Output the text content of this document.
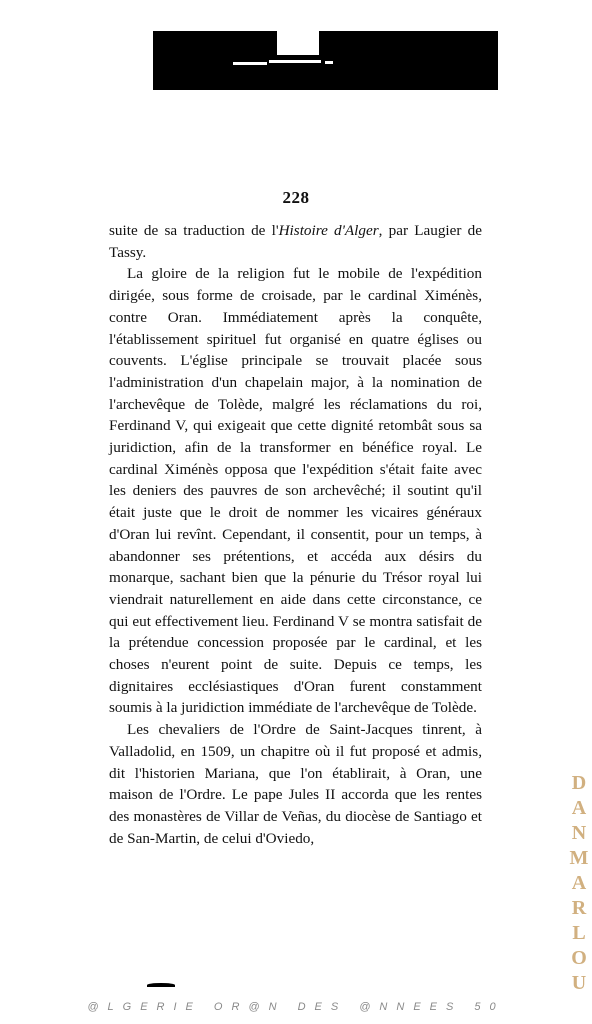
228

suite de sa traduction de l'Histoire d'Alger, par Laugier de Tassy.

La gloire de la religion fut le mobile de l'expédition dirigée, sous forme de croisade, par le cardinal Ximénès, contre Oran. Immédiatement après la conquête, l'établissement spirituel fut organisé en quatre églises ou couvents. L'église principale se trouvait placée sous l'administration d'un chapelain major, à la nomination de l'archevêque de Tolède, malgré les réclamations du roi, Ferdinand V, qui exigeait que cette dignité retombât sous sa juridiction, afin de la transformer en bénéfice royal. Le cardinal Ximénès opposa que l'expédition s'était faite avec les deniers des pauvres de son archevêché; il soutint qu'il était juste que le droit de nommer les vicaires généraux d'Oran lui revînt. Cependant, il consentit, pour un temps, à abandonner ses prétentions, et accéda aux désirs du monarque, sachant bien que la pénurie du Trésor royal lui viendrait naturellement en aide dans cette circonstance, ce qui eut effectivement lieu. Ferdinand V se montra satisfait de la prétendue concession proposée par le cardinal, et les choses n'eurent point de suite. Depuis ce temps, les dignitaires ecclésiastiques d'Oran furent constamment soumis à la juridiction immédiate de l'archevêque de Tolède.

Les chevaliers de l'Ordre de Saint-Jacques tinrent, à Valladolid, en 1509, un chapitre où il fut proposé et admis, dit l'historien Mariana, que l'on établirait, à Oran, une maison de l'Ordre. Le pape Jules II accorda que les rentes des monastères de Villar de Veñas, du diocèse de Santiago et de San-Martin, de celui d'Oviedo,	DANMARLOU
@LGERIE OR@N DES @NNEES 50
